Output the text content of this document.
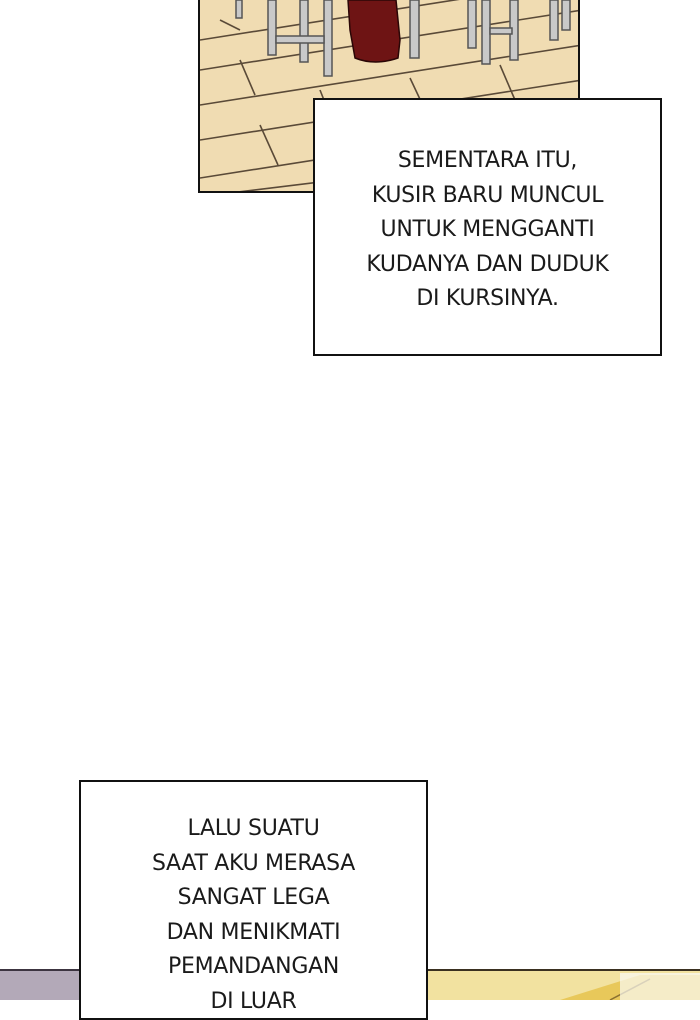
SEMENTARA ITU,
KUSIR BARU MUNCUL
UNTUK MENGGANTI
KUDANYA DAN DUDUK
DI KURSINYA.
LALU SUATU
SAAT AKU MERASA
SANGAT LEGA
DAN MENIKMATI
PEMANDANGAN
DI LUAR
